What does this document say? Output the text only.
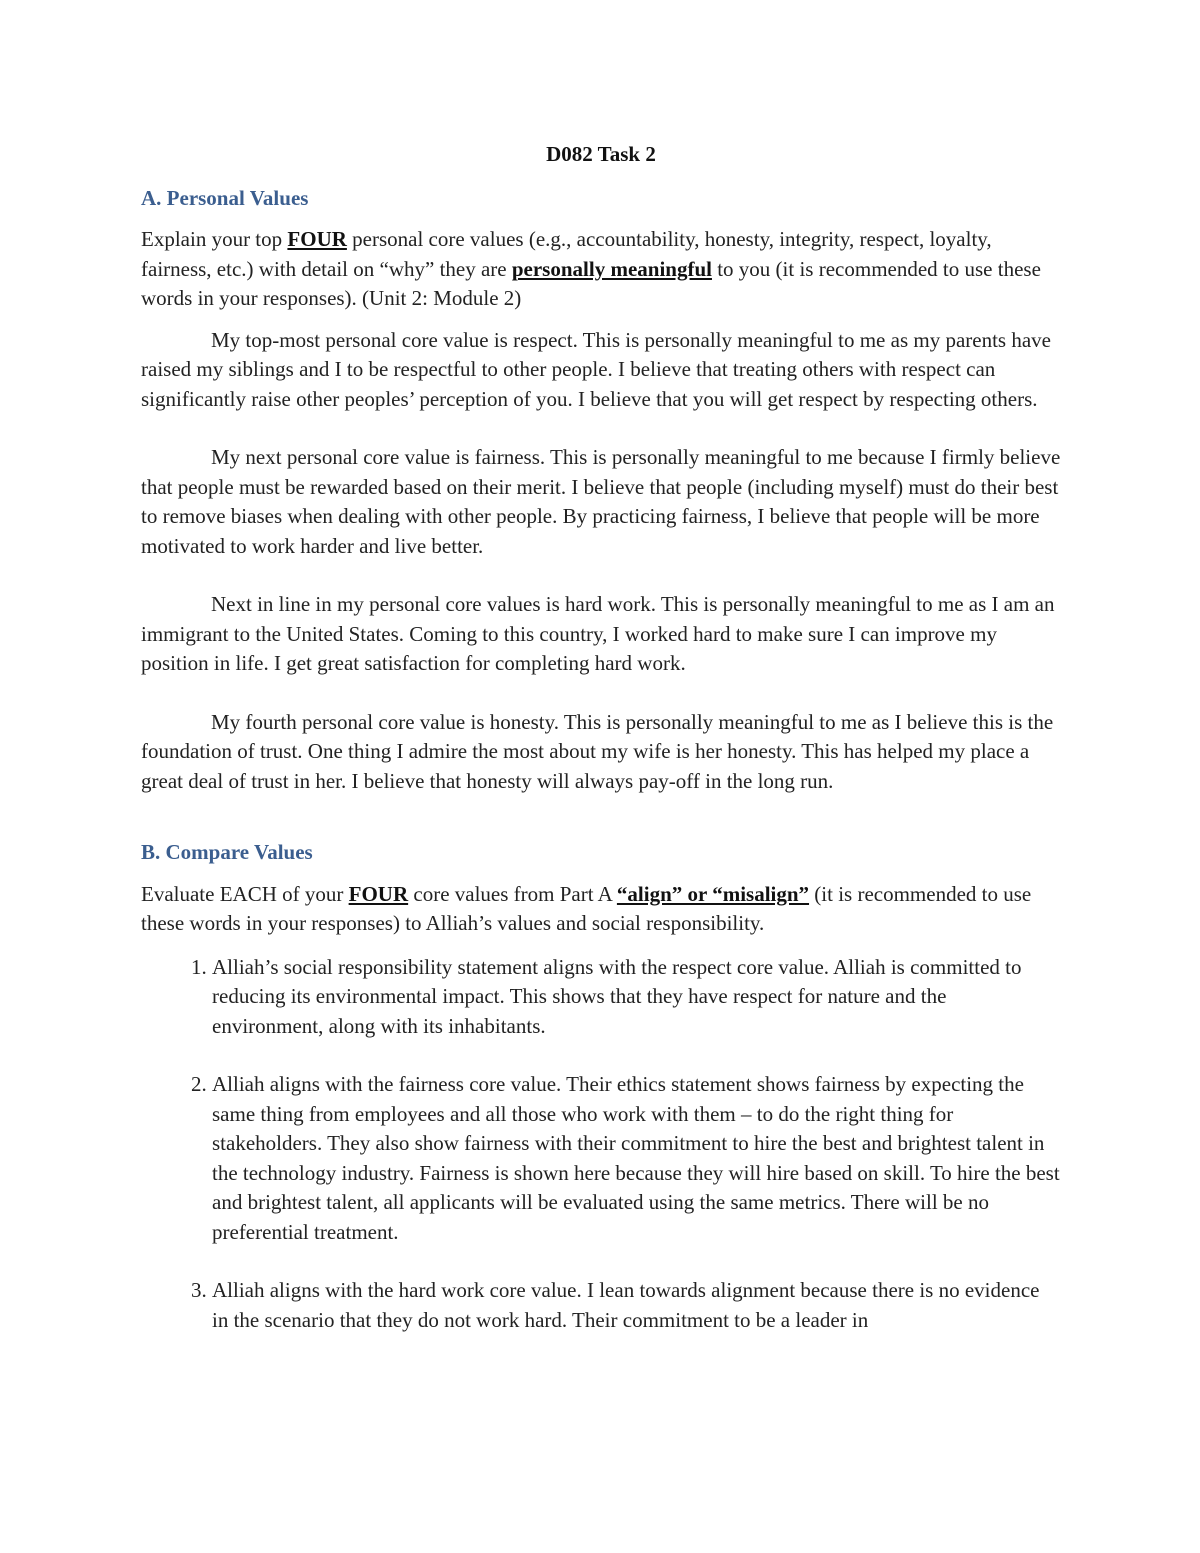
D082 Task 2
A. Personal Values

Explain your top FOUR personal core values (e.g., accountability, honesty, integrity, respect, loyalty, fairness, etc.) with detail on “why” they are personally meaningful to you (it is recommended to use these words in your responses). (Unit 2: Module 2)

My top-most personal core value is respect. This is personally meaningful to me as my parents have raised my siblings and I to be respectful to other people. I believe that treating others with respect can significantly raise other peoples’ perception of you. I believe that you will get respect by respecting others.

My next personal core value is fairness. This is personally meaningful to me because I firmly believe that people must be rewarded based on their merit. I believe that people (including myself) must do their best to remove biases when dealing with other people. By practicing fairness, I believe that people will be more motivated to work harder and live better.

Next in line in my personal core values is hard work. This is personally meaningful to me as I am an immigrant to the United States. Coming to this country, I worked hard to make sure I can improve my position in life. I get great satisfaction for completing hard work.

My fourth personal core value is honesty. This is personally meaningful to me as I believe this is the foundation of trust. One thing I admire the most about my wife is her honesty. This has helped my place a great deal of trust in her. I believe that honesty will always pay-off in the long run.

B. Compare Values

Evaluate EACH of your FOUR core values from Part A “align” or “misalign” (it is recommended to use these words in your responses) to Alliah’s values and social responsibility.

1. Alliah’s social responsibility statement aligns with the respect core value. Alliah is committed to reducing its environmental impact. This shows that they have respect for nature and the environment, along with its inhabitants.
2. Alliah aligns with the fairness core value. Their ethics statement shows fairness by expecting the same thing from employees and all those who work with them – to do the right thing for stakeholders. They also show fairness with their commitment to hire the best and brightest talent in the technology industry. Fairness is shown here because they will hire based on skill. To hire the best and brightest talent, all applicants will be evaluated using the same metrics. There will be no preferential treatment.
3. Alliah aligns with the hard work core value. I lean towards alignment because there is no evidence in the scenario that they do not work hard. Their commitment to be a leader in
